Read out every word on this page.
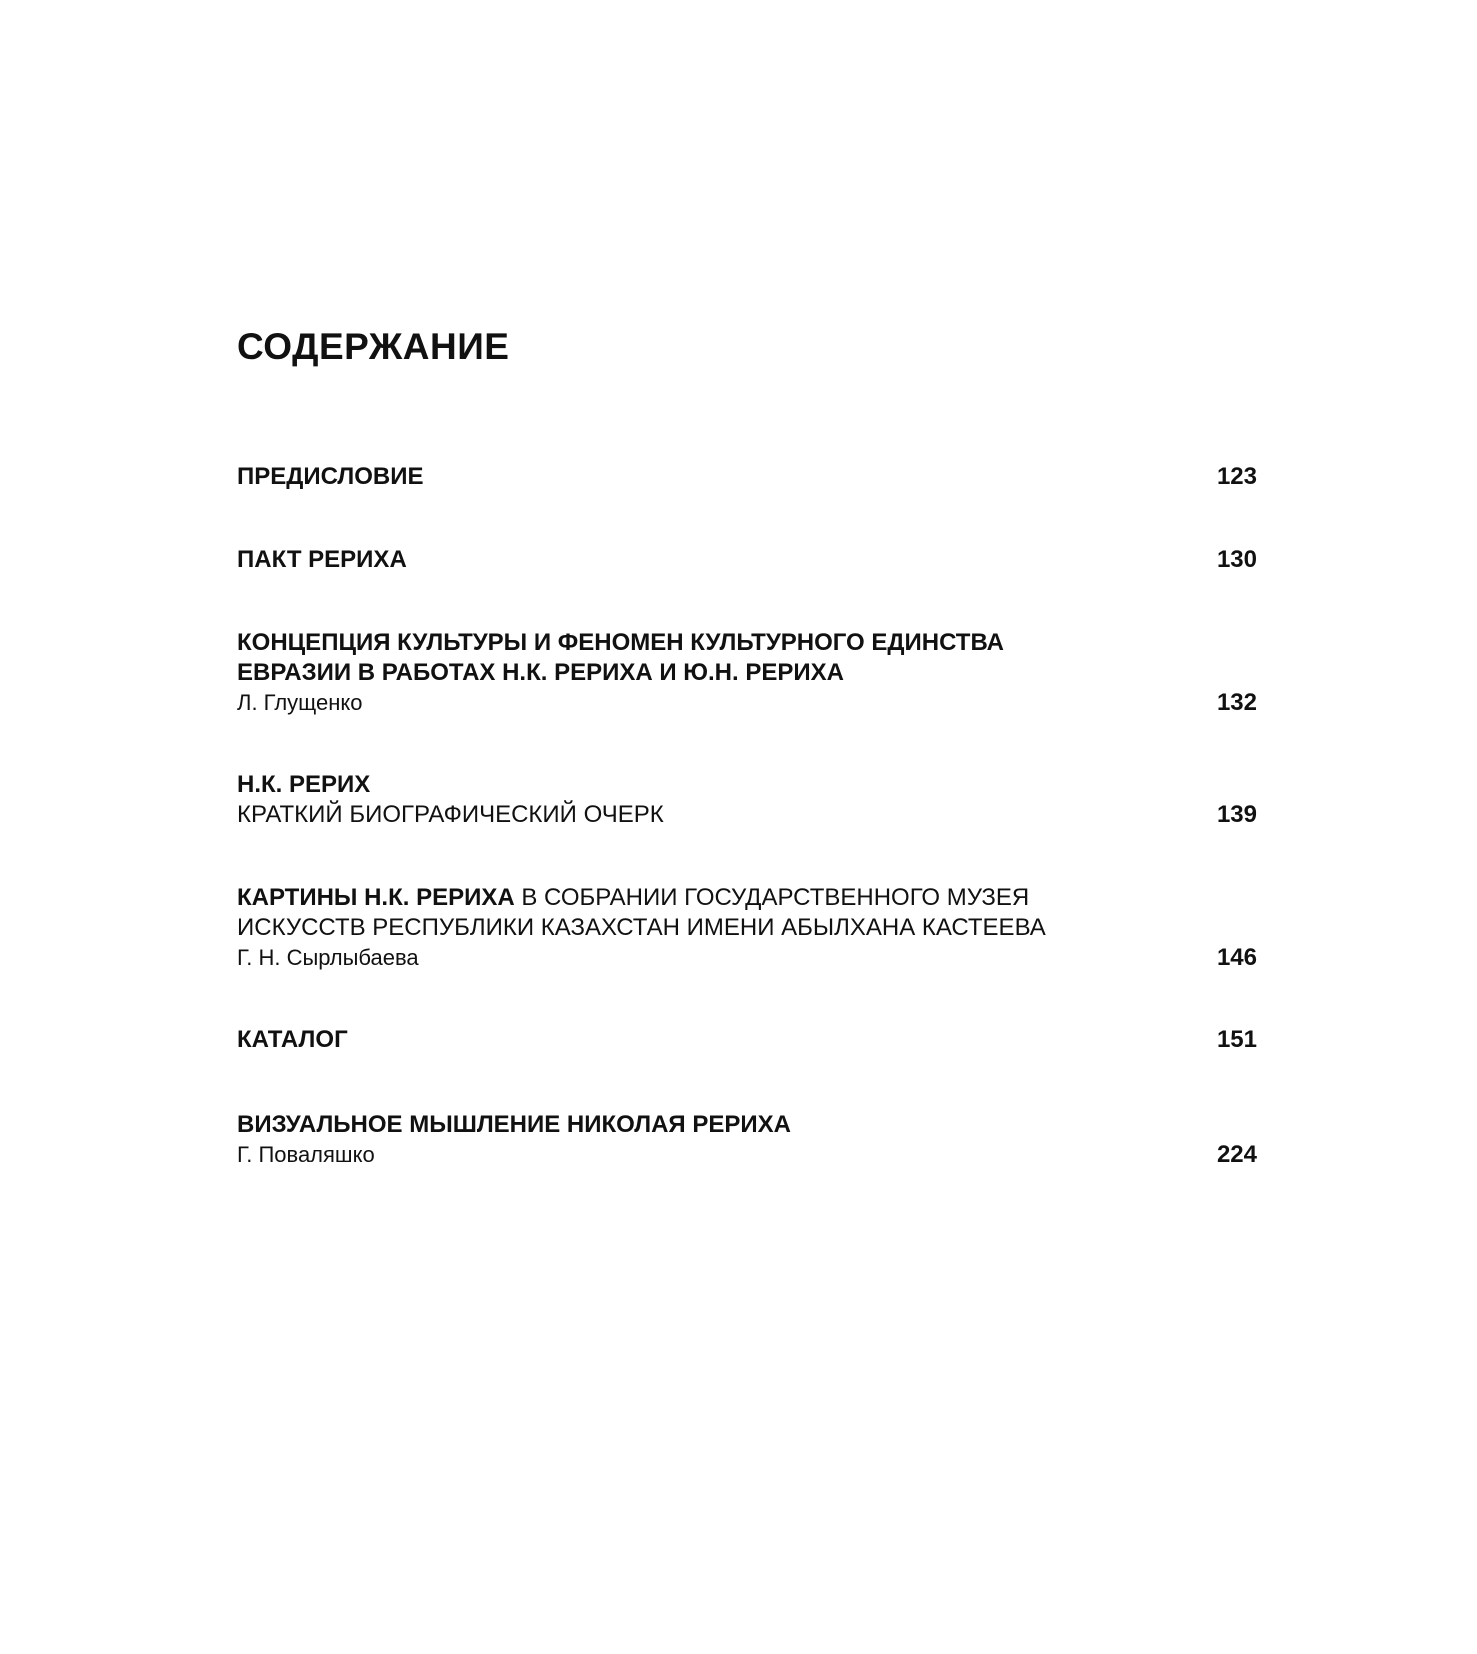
СОДЕРЖАНИЕ
ПРЕДИСЛОВИЕ	123
ПАКТ РЕРИХА	130
КОНЦЕПЦИЯ КУЛЬТУРЫ И ФЕНОМЕН КУЛЬТУРНОГО ЕДИНСТВА
ЕВРАЗИИ В РАБОТАХ Н.К. РЕРИХА И Ю.Н. РЕРИХА
Л. Глущенко	132
Н.К. РЕРИХ
КРАТКИЙ БИОГРАФИЧЕСКИЙ ОЧЕРК	139
КАРТИНЫ Н.К. РЕРИХА В СОБРАНИИ ГОСУДАРСТВЕННОГО МУЗЕЯ
ИСКУССТВ РЕСПУБЛИКИ КАЗАХСТАН ИМЕНИ АБЫЛХАНА КАСТЕЕВА
Г. Н. Сырлыбаева	146
КАТАЛОГ	151
ВИЗУАЛЬНОЕ МЫШЛЕНИЕ НИКОЛАЯ РЕРИХА
Г. Поваляшко	224
